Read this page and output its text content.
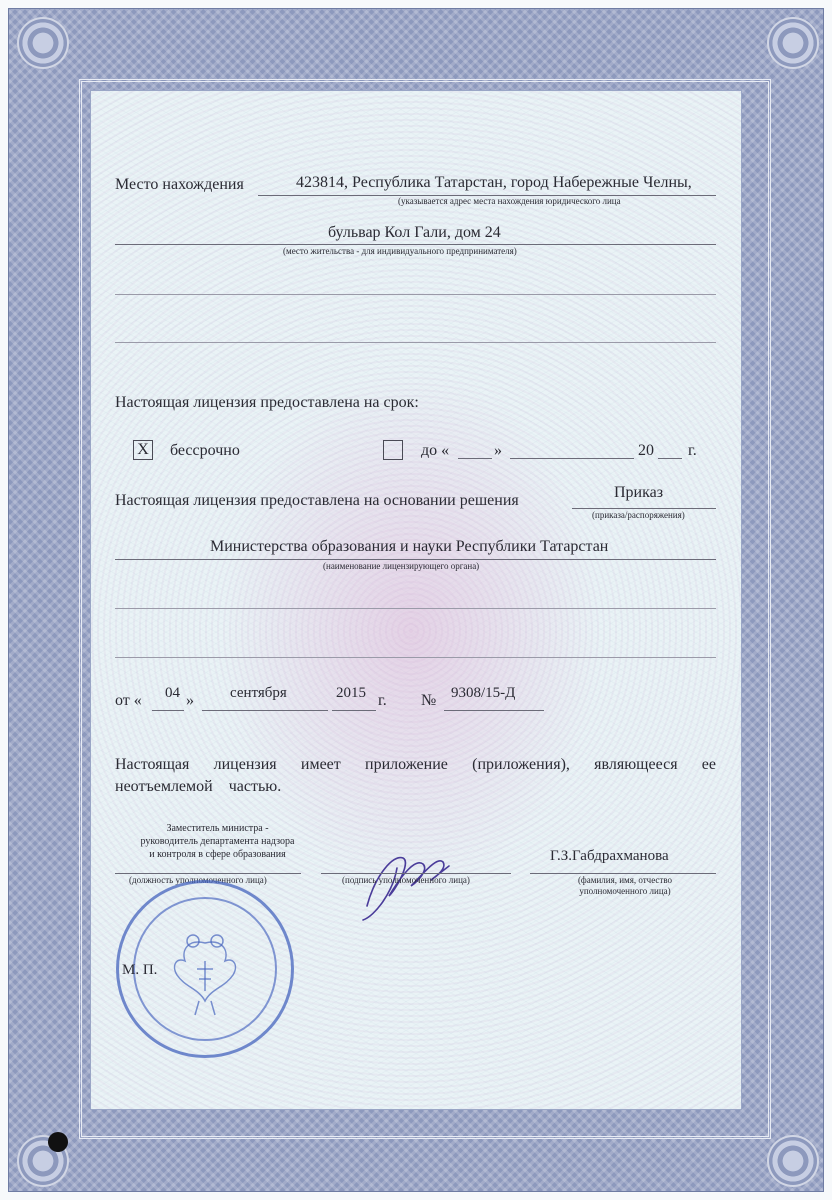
Место нахождения	423814, Республика Татарстан, город Набережные Челны,
(указывается адрес места нахождения юридического лица
бульвар Кол Гали, дом 24
(место жительства - для индивидуального предпринимателя)
Настоящая лицензия предоставлена на срок:
X бессрочно	до «	»	20 г.
Настоящая лицензия предоставлена на основании решения	Приказ
(приказа/распоряжения)
Министерства образования и науки Республики Татарстан
(наименование лицензирующего органа)
от « 04 » сентября	2015 г. № 9308/15-Д
Настоящая лицензия имеет приложение (приложения), являющееся ее
неотъемлемой частью.
Заместитель министра -
руководитель департамента надзора
и контроля в сфере образования
(должность уполномоченного лица)	(подпись уполномоченного лица)
Г.З.Габдрахманова
(фамилия, имя, отчество
уполномоченного лица)
М. П.
